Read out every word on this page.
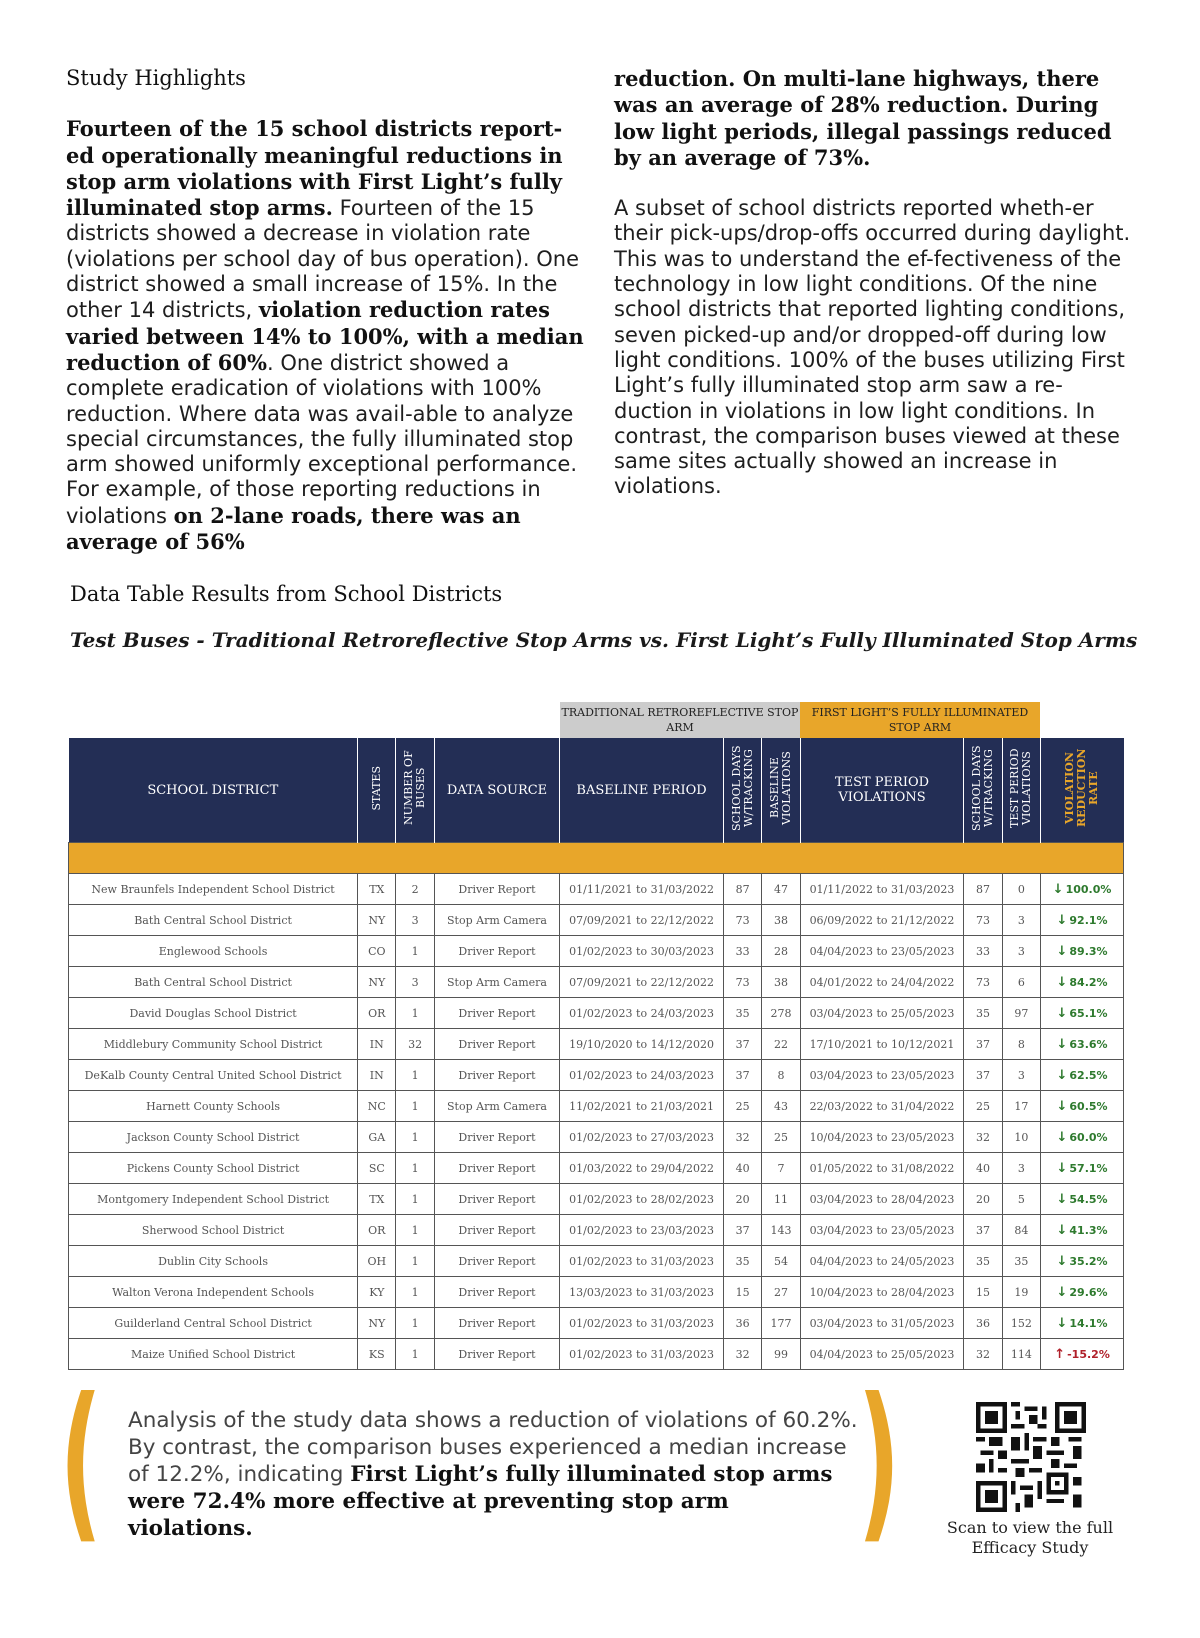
Study Highlights

Fourteen of the 15 school districts report-ed operationally meaningful reductions in stop arm violations with First Light’s fully illuminated stop arms. Fourteen of the 15 districts showed a decrease in violation rate (violations per school day of bus operation). One district showed a small increase of 15%. In the other 14 districts, violation reduction rates varied between 14% to 100%, with a median reduction of 60%. One district showed a complete eradication of violations with 100% reduction. Where data was avail-able to analyze special circumstances, the fully illuminated stop arm showed uniformly exceptional performance. For example, of those reporting reductions in violations on 2-lane roads, there was an average of 56%

reduction. On multi-lane highways, there was an average of 28% reduction. During low light periods, illegal passings reduced by an average of 73%.

A subset of school districts reported wheth-er their pick-ups/drop-offs occurred during daylight. This was to understand the ef-fectiveness of the technology in low light conditions. Of the nine school districts that reported lighting conditions, seven picked-up and/or dropped-off during low light conditions. 100% of the buses utilizing First Light’s fully illuminated stop arm saw a re-duction in violations in low light conditions. In contrast, the comparison buses viewed at these same sites actually showed an increase in violations.

Data Table Results from School Districts
Test Buses - Traditional Retroreflective Stop Arms vs. First Light’s Fully Illuminated Stop Arms
TRADITIONAL RETROREFLECTIVE STOP ARM
FIRST LIGHT’S FULLY ILLUMINATED STOP ARM
SCHOOL DISTRICT	STATES	NUMBER OF BUSES	DATA SOURCE	BASELINE PERIOD	SCHOOL DAYS W/TRACKING	BASELINE VIOLATIONS	TEST PERIOD VIOLATIONS	SCHOOL DAYS W/TRACKING	TEST PERIOD VIOLATIONS	VIOLATION REDUCTION RATE

New Braunfels Independent School District	TX	2	Driver Report	01/11/2021 to 31/03/2022	87	47	01/11/2022 to 31/03/2023	87	0	↓ 100.0%
Bath Central School District	NY	3	Stop Arm Camera	07/09/2021 to 22/12/2022	73	38	06/09/2022 to 21/12/2022	73	3	↓ 92.1%
Englewood Schools	CO	1	Driver Report	01/02/2023 to 30/03/2023	33	28	04/04/2023 to 23/05/2023	33	3	↓ 89.3%
Bath Central School District	NY	3	Stop Arm Camera	07/09/2021 to 22/12/2022	73	38	04/01/2022 to 24/04/2022	73	6	↓ 84.2%
David Douglas School District	OR	1	Driver Report	01/02/2023 to 24/03/2023	35	278	03/04/2023 to 25/05/2023	35	97	↓ 65.1%
Middlebury Community School District	IN	32	Driver Report	19/10/2020 to 14/12/2020	37	22	17/10/2021 to 10/12/2021	37	8	↓ 63.6%
DeKalb County Central United School District	IN	1	Driver Report	01/02/2023 to 24/03/2023	37	8	03/04/2023 to 23/05/2023	37	3	↓ 62.5%
Harnett County Schools	NC	1	Stop Arm Camera	11/02/2021 to 21/03/2021	25	43	22/03/2022 to 31/04/2022	25	17	↓ 60.5%
Jackson County School District	GA	1	Driver Report	01/02/2023 to 27/03/2023	32	25	10/04/2023 to 23/05/2023	32	10	↓ 60.0%
Pickens County School District	SC	1	Driver Report	01/03/2022 to 29/04/2022	40	7	01/05/2022 to 31/08/2022	40	3	↓ 57.1%
Montgomery Independent School District	TX	1	Driver Report	01/02/2023 to 28/02/2023	20	11	03/04/2023 to 28/04/2023	20	5	↓ 54.5%
Sherwood School District	OR	1	Driver Report	01/02/2023 to 23/03/2023	37	143	03/04/2023 to 23/05/2023	37	84	↓ 41.3%
Dublin City Schools	OH	1	Driver Report	01/02/2023 to 31/03/2023	35	54	04/04/2023 to 24/05/2023	35	35	↓ 35.2%
Walton Verona Independent Schools	KY	1	Driver Report	13/03/2023 to 31/03/2023	15	27	10/04/2023 to 28/04/2023	15	19	↓ 29.6%
Guilderland Central School District	NY	1	Driver Report	01/02/2023 to 31/03/2023	36	177	03/04/2023 to 31/05/2023	36	152	↓ 14.1%
Maize Unified School District	KS	1	Driver Report	01/02/2023 to 31/03/2023	32	99	04/04/2023 to 25/05/2023	32	114	↑ -15.2%
( Analysis of the study data shows a reduction of violations of 60.2%. By contrast, the comparison buses experienced a median increase of 12.2%, indicating First Light’s fully illuminated stop arms were 72.4% more effective at preventing stop arm violations.	)	Scan to view the full
Efficacy Study
